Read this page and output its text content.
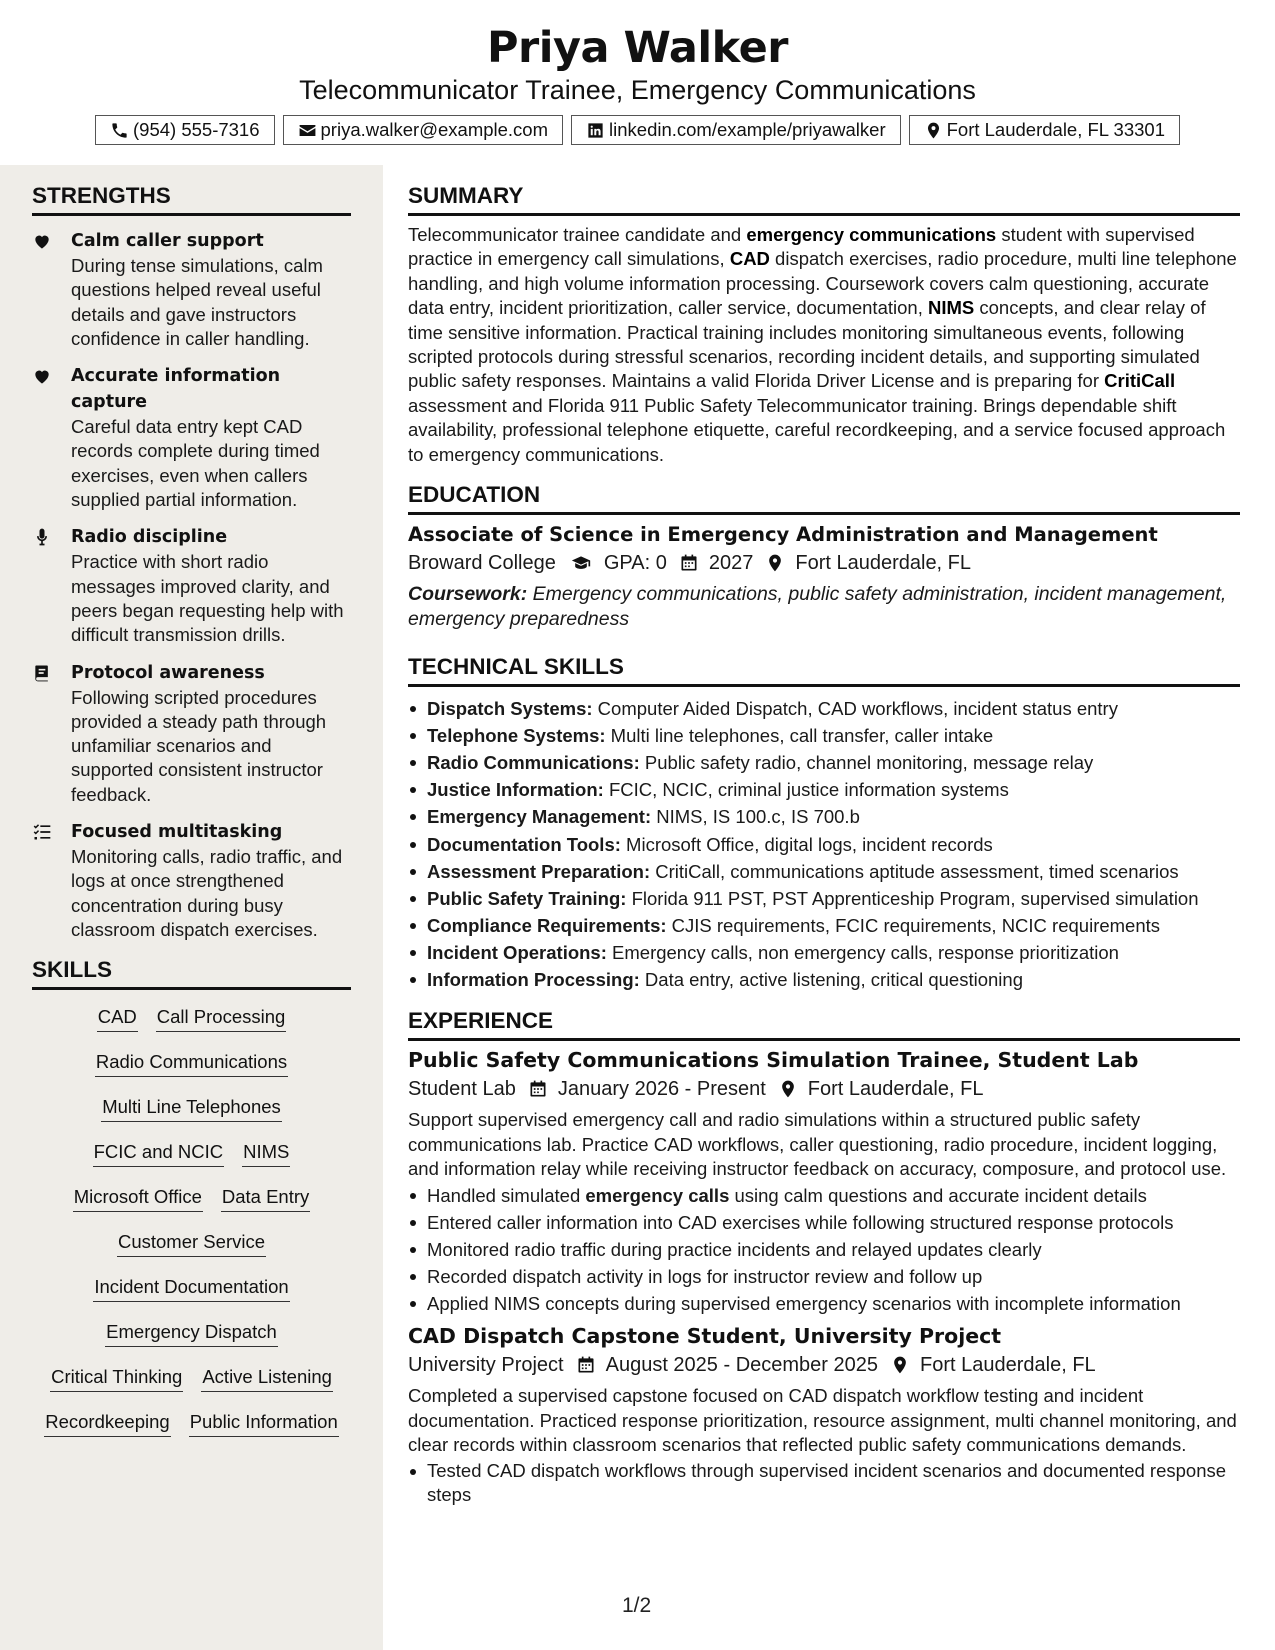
Priya Walker
Telecommunicator Trainee, Emergency Communications
(954) 555-7316	priya.walker@example.com	linkedin.com/example/priyawalker	Fort Lauderdale, FL 33301
STRENGTHS
Calm caller support
During tense simulations, calm questions helped reveal useful details and gave instructors confidence in caller handling.
Accurate information capture
Careful data entry kept CAD records complete during timed exercises, even when callers supplied partial information.
Radio discipline
Practice with short radio messages improved clarity, and peers began requesting help with difficult transmission drills.
Protocol awareness
Following scripted procedures provided a steady path through unfamiliar scenarios and supported consistent instructor feedback.
Focused multitasking
Monitoring calls, radio traffic, and logs at once strengthened concentration during busy classroom dispatch exercises.
SKILLS
CAD Call Processing
Radio Communications
Multi Line Telephones
FCIC and NCIC NIMS
Microsoft Office Data Entry
Customer Service
Incident Documentation
Emergency Dispatch
Critical Thinking Active Listening
Recordkeeping Public Information
SUMMARY

Telecommunicator trainee candidate and emergency communications student with supervised practice in emergency call simulations, CAD dispatch exercises, radio procedure, multi line telephone handling, and high volume information processing. Coursework covers calm questioning, accurate data entry, incident prioritization, caller service, documentation, NIMS concepts, and clear relay of time sensitive information. Practical training includes monitoring simultaneous events, following scripted protocols during stressful scenarios, recording incident details, and supporting simulated public safety responses. Maintains a valid Florida Driver License and is preparing for CritiCall assessment and Florida 911 Public Safety Telecommunicator training. Brings dependable shift availability, professional telephone etiquette, careful recordkeeping, and a service focused approach to emergency communications.

EDUCATION
Associate of Science in Emergency Administration and Management
Broward College GPA: 0 2027 Fort Lauderdale, FL
Coursework: Emergency communications, public safety administration, incident management, emergency preparedness
TECHNICAL SKILLS
Dispatch Systems: Computer Aided Dispatch, CAD workflows, incident status entry
Telephone Systems: Multi line telephones, call transfer, caller intake
Radio Communications: Public safety radio, channel monitoring, message relay
Justice Information: FCIC, NCIC, criminal justice information systems
Emergency Management: NIMS, IS 100.c, IS 700.b
Documentation Tools: Microsoft Office, digital logs, incident records
Assessment Preparation: CritiCall, communications aptitude assessment, timed scenarios
Public Safety Training: Florida 911 PST, PST Apprenticeship Program, supervised simulation
Compliance Requirements: CJIS requirements, FCIC requirements, NCIC requirements
Incident Operations: Emergency calls, non emergency calls, response prioritization
Information Processing: Data entry, active listening, critical questioning
EXPERIENCE
Public Safety Communications Simulation Trainee, Student Lab
Student Lab January 2026 - Present Fort Lauderdale, FL
Support supervised emergency call and radio simulations within a structured public safety communications lab. Practice CAD workflows, caller questioning, radio procedure, incident logging, and information relay while receiving instructor feedback on accuracy, composure, and protocol use.
Handled simulated emergency calls using calm questions and accurate incident details
Entered caller information into CAD exercises while following structured response protocols
Monitored radio traffic during practice incidents and relayed updates clearly
Recorded dispatch activity in logs for instructor review and follow up
Applied NIMS concepts during supervised emergency scenarios with incomplete information
CAD Dispatch Capstone Student, University Project
University Project August 2025 - December 2025 Fort Lauderdale, FL
Completed a supervised capstone focused on CAD dispatch workflow testing and incident documentation. Practiced response prioritization, resource assignment, multi channel monitoring, and clear records within classroom scenarios that reflected public safety communications demands.
Tested CAD dispatch workflows through supervised incident scenarios and documented response steps
1/2
